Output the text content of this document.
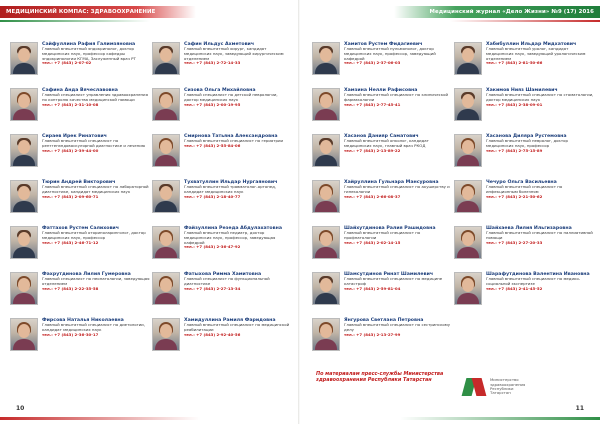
МЕДИЦИНСКИЙ КОМПАС: ЗДРАВООХРАНЕНИЕ
Сайфуллина Рафия Галимзяновна
Главный внештатный эндокринолог, доктор медицинских наук, профессор кафедры эндокринологии КГМА, Заслуженный врач РТ
тел.: +7 (843) 2-07-02
Сафина Анда Вячеславовна
Главный специалист управления здравоохранения по контролю качества медицинской помощи
тел.: +7 (843) 2-31-10-08
Сираев Ирек Ринатович
Главный внештатный специалист по рентгенэндоваскулярной диагностике и лечению
тел.: +7 (843) 2-39-44-00
Тюрин Андрей Викторович
Главный внештатный специалист по лабораторной диагностике, кандидат медицинских наук
тел.: +7 (843) 2-09-60-71
Фаттахов Рустем Салихович
Главный внештатный оториноларинголог, доктор медицинских наук, профессор
тел.: +7 (843) 2-46-71-12
Фахрутдинова Лилия Гумеровна
Главный специалист по неонатологии, заведующая отделением
тел.: +7 (843) 2-22-35-58
Фирсова Наталья Николаевна
Главный внештатный специалист по диетологии, кандидат медицинских наук
тел.: +7 (843) 2-36-30-17
Сафин Ильдус Ахметович
Главный внештатный хирург, кандидат медицинских наук, заведующий хирургическим отделением
тел.: +7 (843) 2-72-14-33
Сизова Ольга Михайловна
Главный специалист по детской неврологии, доктор медицинских наук
тел.: +7 (843) 2-00-19-95
Смирнова Татьяна Александровна
Главный внештатный специалист по гериатрии
тел.: +7 (843) 2-55-84-06
Тухватуллин Ильдар Нургаянович
Главный внештатный травматолог-ортопед, кандидат медицинских наук
тел.: +7 (843) 2-18-40-77
Файзуллина Резеда Абдулахатовна
Главный внештатный педиатр, доктор медицинских наук, профессор, заведующая кафедрой
тел.: +7 (843) 2-36-47-92
Фатыхова Римма Хамитовна
Главный специалист по функциональной диагностике
тел.: +7 (843) 2-27-13-34
Хамидуллина Рамиля Фаридовна
Главный внештатный специалист по медицинской реабилитации
тел.: +7 (843) 2-92-40-56
10
Медицинский журнал «Дело Жизни» №9 (17) 2016
Хамитов Рустем Фидагиевич
Главный внештатный пульмонолог, доктор медицинских наук, профессор, заведующий кафедрой
тел.: +7 (843) 2-37-06-03
Хамзина Нелли Рафисовна
Главный внештатный специалист по клинической фармакологии
тел.: +7 (843) 2-77-45-41
Хасанов Данияр Саматович
Главный внештатный онколог, кандидат медицинских наук, главный врач РКОД
тел.: +7 (843) 2-13-89-22
Хайруллина Гульнара Мансуровна
Главный внештатный специалист по акушерству и гинекологии
тел.: +7 (843) 2-66-08-37
Шайхутдинова Ралия Рашидовна
Главный внештатный специалист по профпатологии
тел.: +7 (843) 2-02-14-15
Шамсутдинов Ринат Шамилевич
Главный внештатный специалист по медицине катастроф
тел.: +7 (843) 2-59-81-04
Янгурова Светлана Петровна
Главный внештатный специалист по сестринскому делу
тел.: +7 (843) 2-13-27-99
Хабибуллин Ильдар Мидхатович
Главный внештатный уролог, кандидат медицинских наук, заведующий урологическим отделением
тел.: +7 (843) 2-81-50-66
Хакимов Нияз Шамилевич
Главный внештатный специалист по стоматологии, доктор медицинских наук
тел.: +7 (843) 2-38-09-01
Хасанова Диляра Рустемовна
Главный внештатный невролог, доктор медицинских наук, профессор
тел.: +7 (843) 2-75-15-89
Чечуро Ольга Васильевна
Главный внештатный специалист по инфекционным болезням
тел.: +7 (843) 2-21-50-62
Шайхаева Лилия Ильгизаровна
Главный внештатный специалист по паллиативной помощи
тел.: +7 (843) 2-27-20-33
Шарафутдинова Валентина Ивановна
Главный внештатный специалист по медико-социальной экспертизе
тел.: +7 (843) 2-41-45-52
11
По материалам пресс-службы Министерства здравоохранения Республики Татарстан	Министерство
здравоохранения
Республики
Татарстан
